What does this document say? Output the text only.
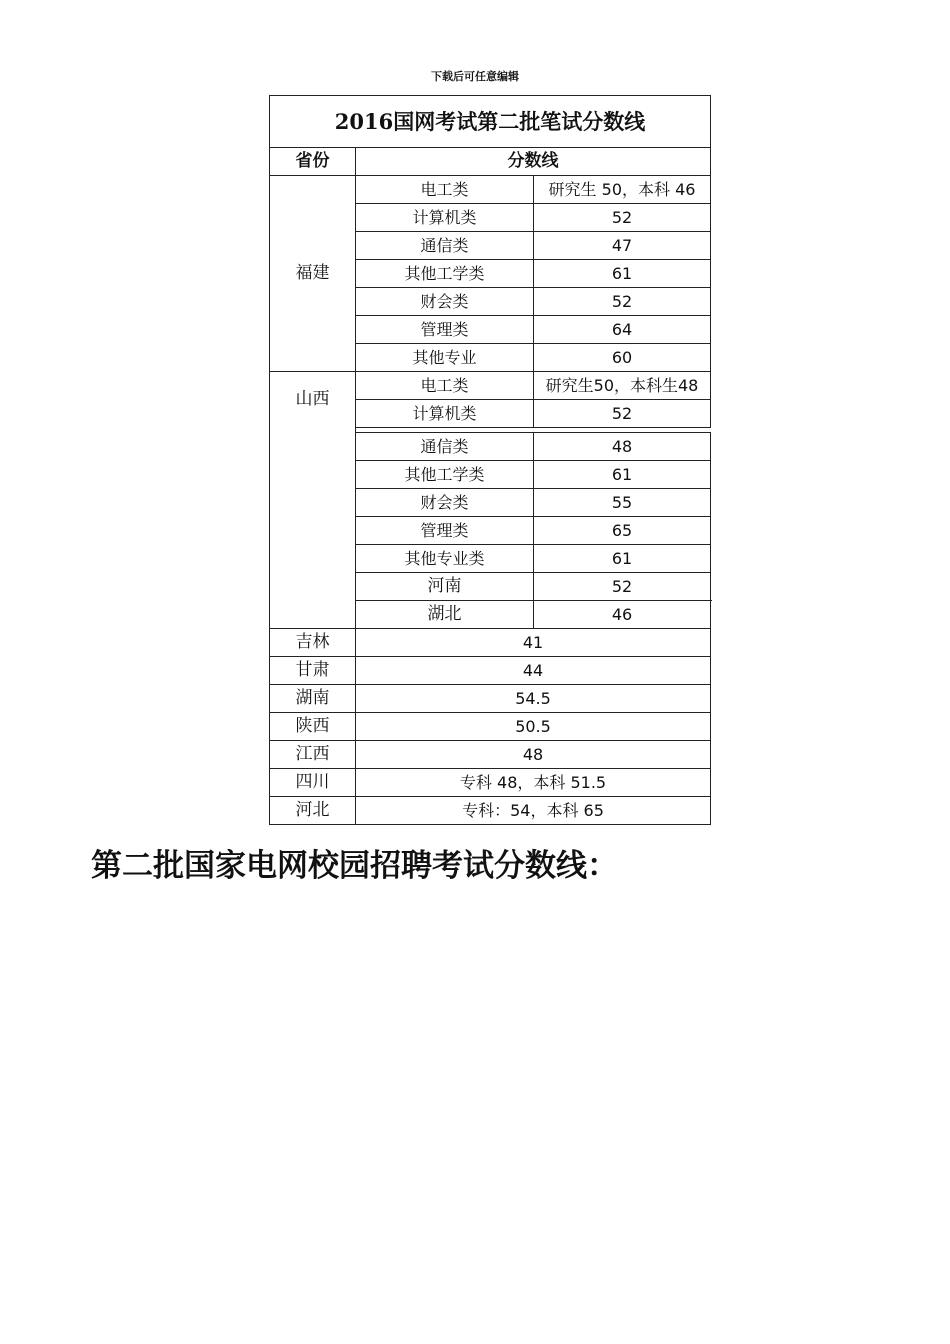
下载后可任意编辑
2016国网考试第二批笔试分数线		
省份	分数线	
福建	电工类	研究生 50，本科 46
	计算机类	52
	通信类	47
	其他工学类	61
	财会类	52
	管理类	64
	其他专业	60
山西	电工类	研究生50，本科生48
	计算机类	52

	通信类	48
	其他工学类	61
	财会类	55
	管理类	65
	其他专业类	61
	河南	52
	湖北	46
吉林	41	
甘肃	44	
湖南	54.5	
陕西	50.5	
江西	48	
四川	专科 48，本科 51.5	
河北	专科：54，本科 65	
第二批国家电网校园招聘考试分数线：
